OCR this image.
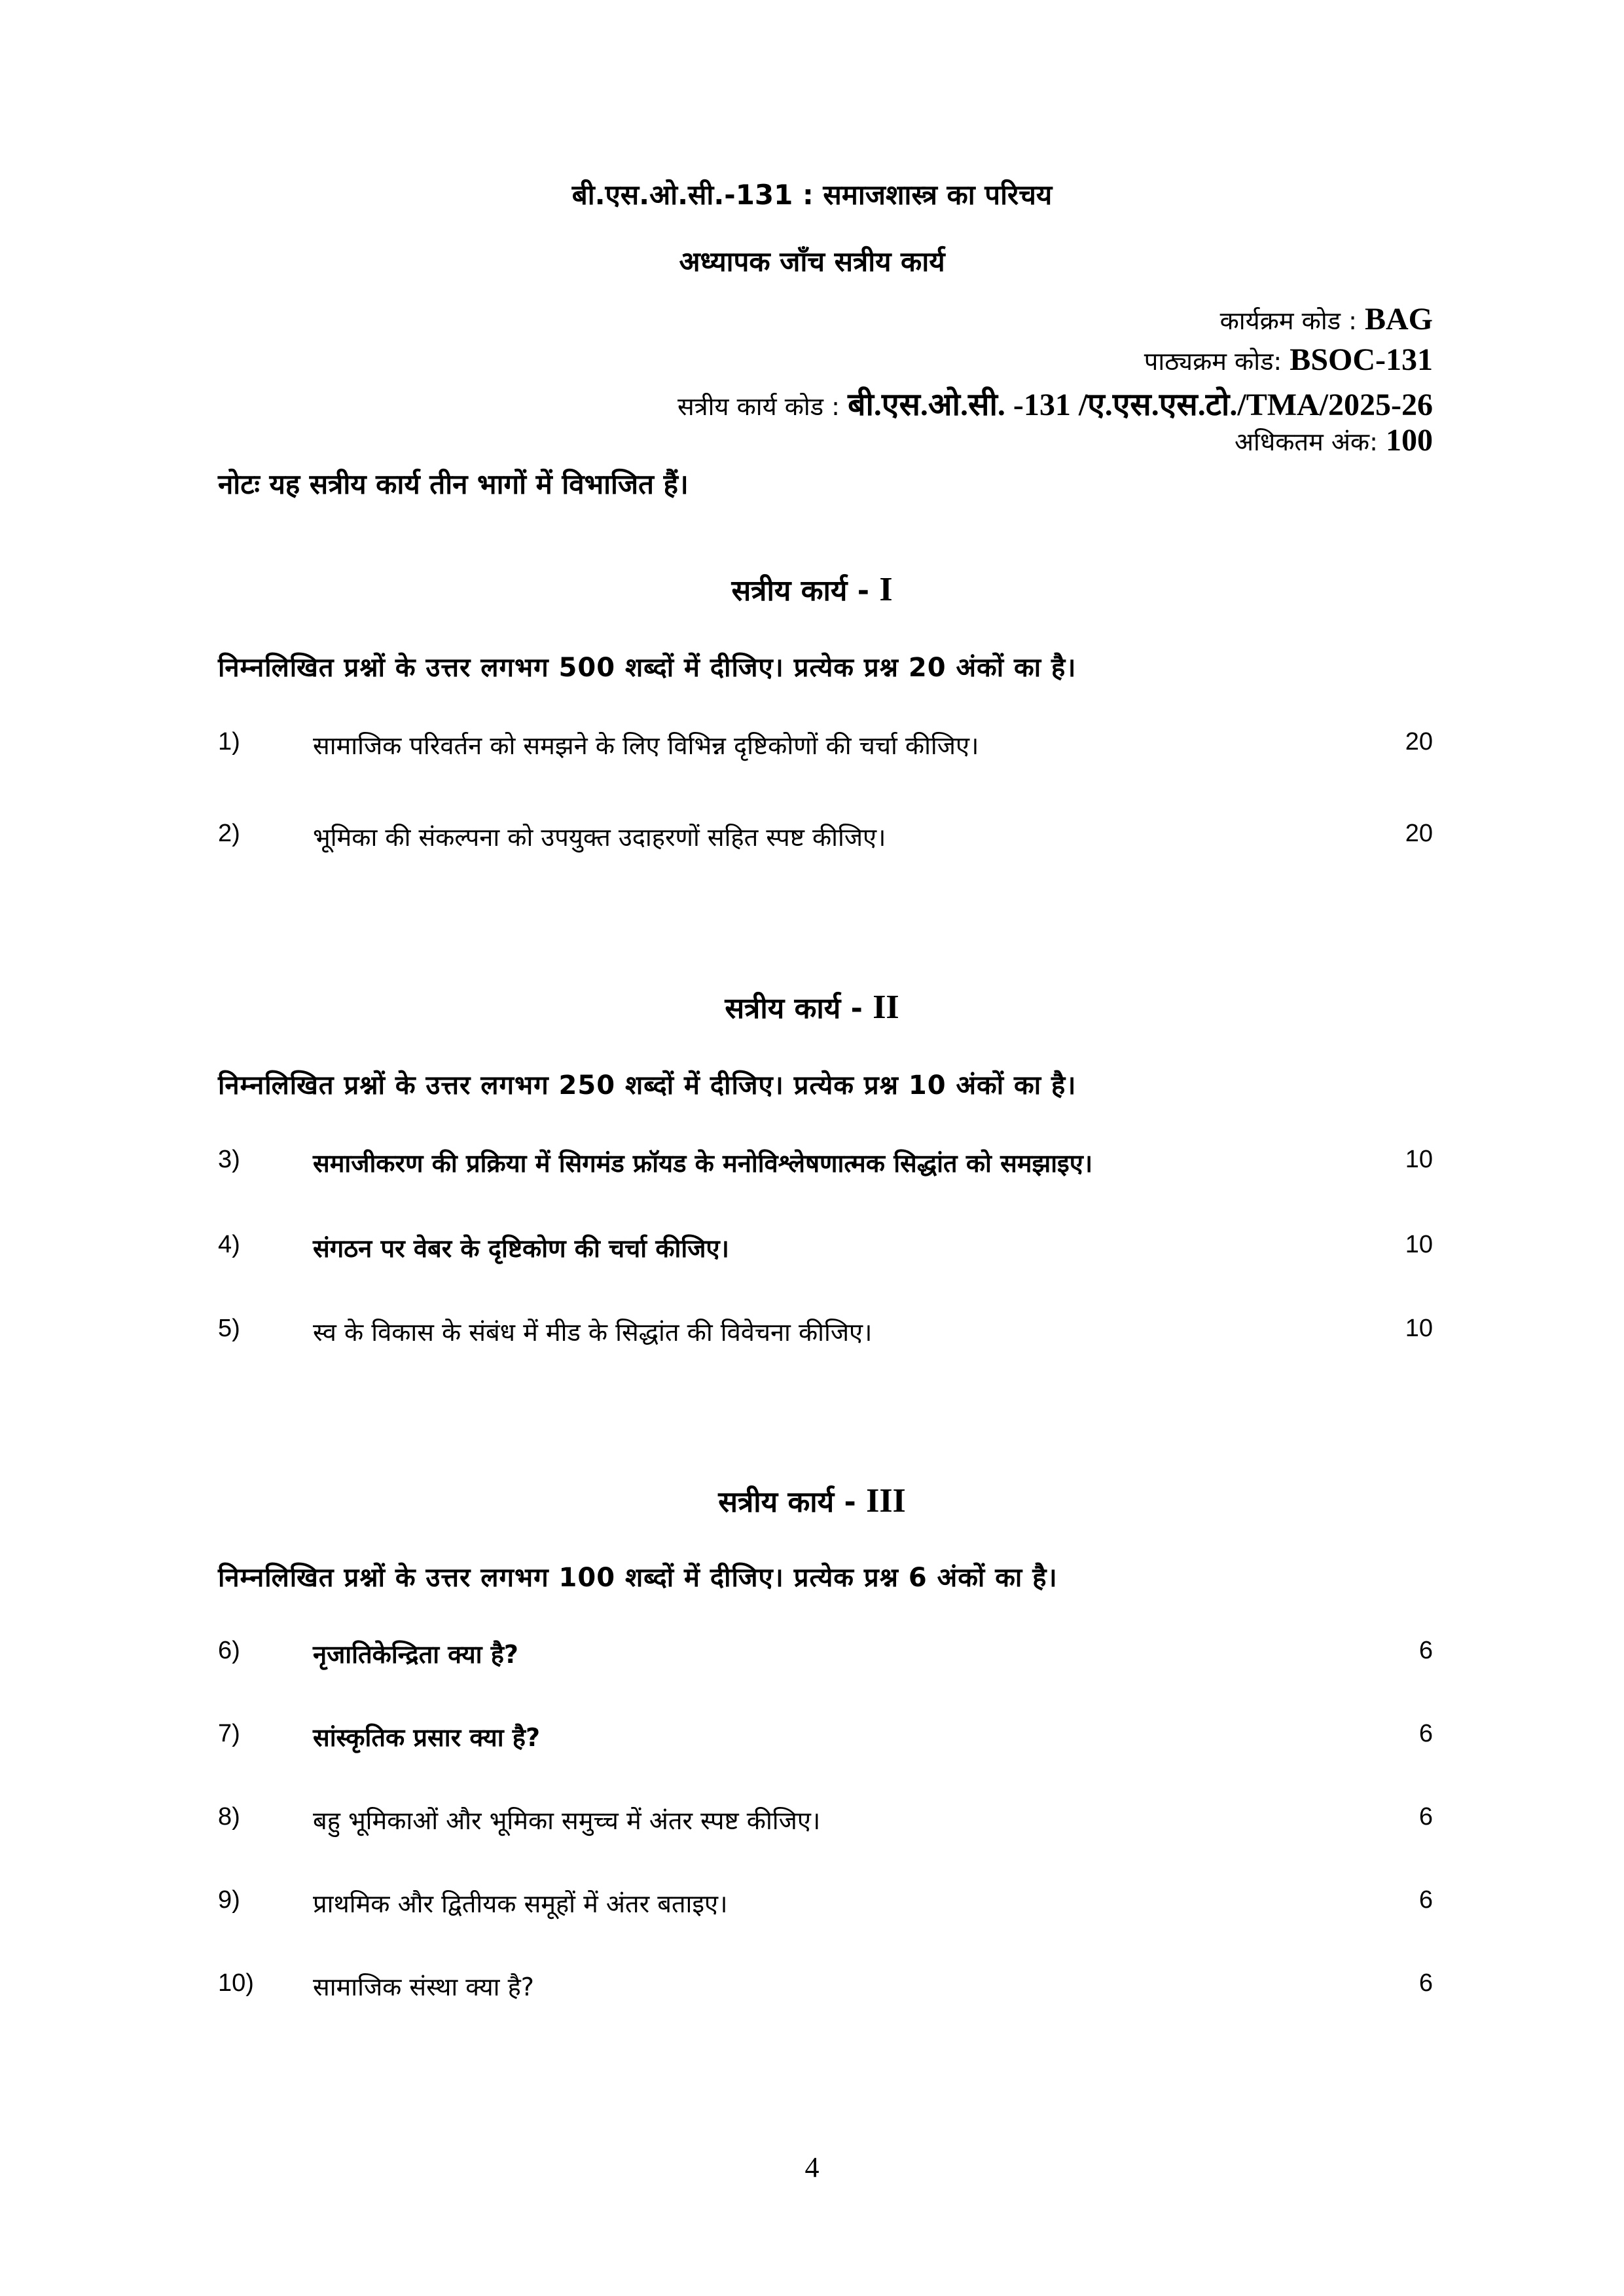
बी.एस.ओ.सी.-131 : समाजशास्त्र का परिचय
अध्यापक जाँच सत्रीय कार्य
कार्यक्रम कोड : BAG
पाठ्यक्रम कोड: BSOC-131
सत्रीय कार्य कोड : बी.एस.ओ.सी. -131 /ए.एस.एस.टो./TMA/2025-26
अधिकतम अंक: 100
नोटः यह सत्रीय कार्य तीन भागों में विभाजित हैं।
सत्रीय कार्य - I
निम्नलिखित प्रश्नों के उत्तर लगभग 500 शब्दों में दीजिए। प्रत्येक प्रश्न 20 अंकों का है।
1)	सामाजिक परिवर्तन को समझने के लिए विभिन्न दृष्टिकोणों की चर्चा कीजिए।	20
2)	भूमिका की संकल्पना को उपयुक्त उदाहरणों सहित स्पष्ट कीजिए।	20
सत्रीय कार्य - II
निम्नलिखित प्रश्नों के उत्तर लगभग 250 शब्दों में दीजिए। प्रत्येक प्रश्न 10 अंकों का है।
3)	समाजीकरण की प्रक्रिया में सिगमंड फ्रॉयड के मनोविश्लेषणात्मक सिद्धांत को समझाइए।	10
4)	संगठन पर वेबर के दृष्टिकोण की चर्चा कीजिए।	10
5)	स्व के विकास के संबंध में मीड के सिद्धांत की विवेचना कीजिए।	10
सत्रीय कार्य - III
निम्नलिखित प्रश्नों के उत्तर लगभग 100 शब्दों में दीजिए। प्रत्येक प्रश्न 6 अंकों का है।
6)	नृजातिकेन्द्रिता क्या है?	6
7)	सांस्कृतिक प्रसार क्या है?	6
8)	बहु भूमिकाओं और भूमिका समुच्च में अंतर स्पष्ट कीजिए।	6
9)	प्राथमिक और द्वितीयक समूहों में अंतर बताइए।	6
10) सामाजिक संस्था क्या है?	6
4
